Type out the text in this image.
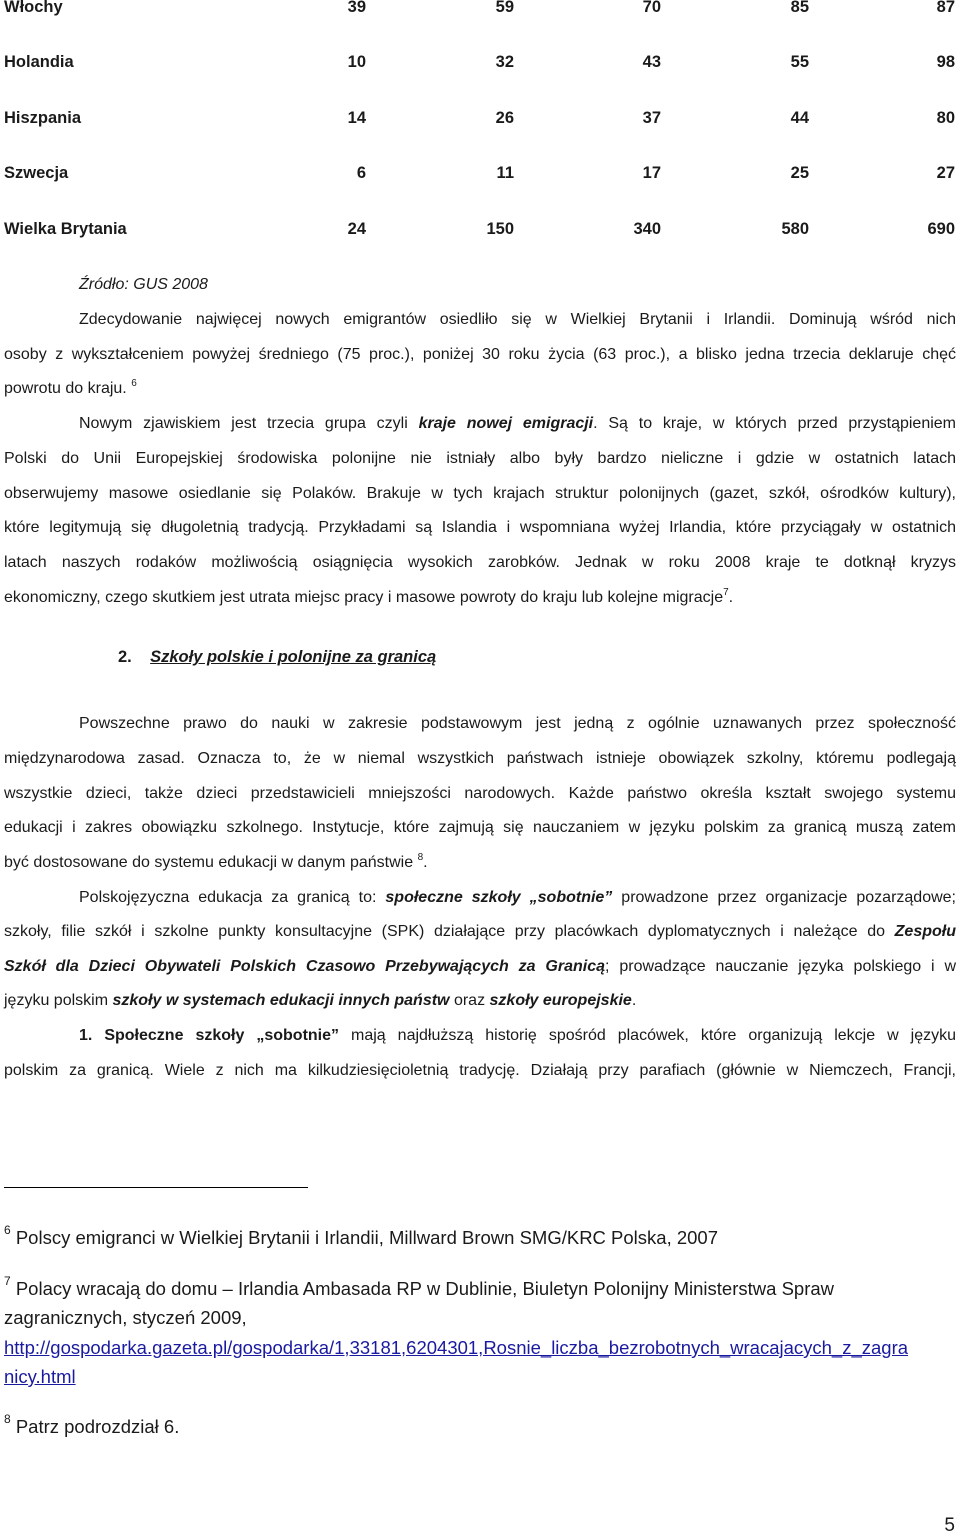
Włochy	39	59	70	85	87
Holandia	10	32	43	55	98
Hiszpania	14	26	37	44	80
Szwecja	6	11	17	25	27
Wielka Brytania	24	150	340	580	690
Źródło: GUS 2008
Zdecydowanie najwięcej nowych emigrantów osiedliło się w Wielkiej Brytanii i Irlandii. Dominują wśród nich
osoby z wykształceniem powyżej średniego (75 proc.), poniżej 30 roku życia (63 proc.), a blisko jedna trzecia deklaruje chęć
powrotu do kraju. $^6$
Nowym zjawiskiem jest trzecia grupa czyli kraje nowej emigracji. Są to kraje, w których przed przystąpieniem
Polski do Unii Europejskiej środowiska polonijne nie istniały albo były bardzo nieliczne i gdzie w ostatnich latach
obserwujemy masowe osiedlanie się Polaków. Brakuje w tych krajach struktur polonijnych (gazet, szkół, ośrodków kultury),
które legitymują się długoletnią tradycją. Przykładami są Islandia i wspomniana wyżej Irlandia, które przyciągały w ostatnich
latach naszych rodaków możliwością osiągnięcia wysokich zarobków. Jednak w roku 2008 kraje te dotknął kryzys
ekonomiczny, czego skutkiem jest utrata miejsc pracy i masowe powroty do kraju lub kolejne migracje$^7$.
2. Szkoły polskie i polonijne za granicą
Powszechne prawo do nauki w zakresie podstawowym jest jedną z ogólnie uznawanych przez społeczność
międzynarodowa zasad. Oznacza to, że w niemal wszystkich państwach istnieje obowiązek szkolny, któremu podlegają
wszystkie dzieci, także dzieci przedstawicieli mniejszości narodowych. Każde państwo określa kształt swojego systemu
edukacji i zakres obowiązku szkolnego. Instytucje, które zajmują się nauczaniem w języku polskim za granicą muszą zatem
być dostosowane do systemu edukacji w danym państwie $^8$.
Polskojęzyczna edukacja za granicą to: społeczne szkoły „sobotnie” prowadzone przez organizacje pozarządowe;
szkoły, filie szkół i szkolne punkty konsultacyjne (SPK) działające przy placówkach dyplomatycznych i należące do Zespołu
Szkół dla Dzieci Obywateli Polskich Czasowo Przebywających za Granicą; prowadzące nauczanie języka polskiego i w
języku polskim szkoły w systemach edukacji innych państw oraz szkoły europejskie.
1. Społeczne szkoły „sobotnie” mają najdłuższą historię spośród placówek, które organizują lekcje w języku
polskim za granicą. Wiele z nich ma kilkudziesięcioletnią tradycję. Działają przy parafiach (głównie w Niemczech, Francji,
$^6$ Polscy emigranci w Wielkiej Brytanii i Irlandii, Millward Brown SMG/KRC Polska, 2007
$^7$ Polacy wracają do domu – Irlandia Ambasada RP w Dublinie, Biuletyn Polonijny Ministerstwa Spraw
zagranicznych, styczeń 2009,
http://gospodarka.gazeta.pl/gospodarka/1,33181,6204301,Rosnie_liczba_bezrobotnych_wracajacych_z_zagra
nicy.html
$^8$ Patrz podrozdział 6.
5
